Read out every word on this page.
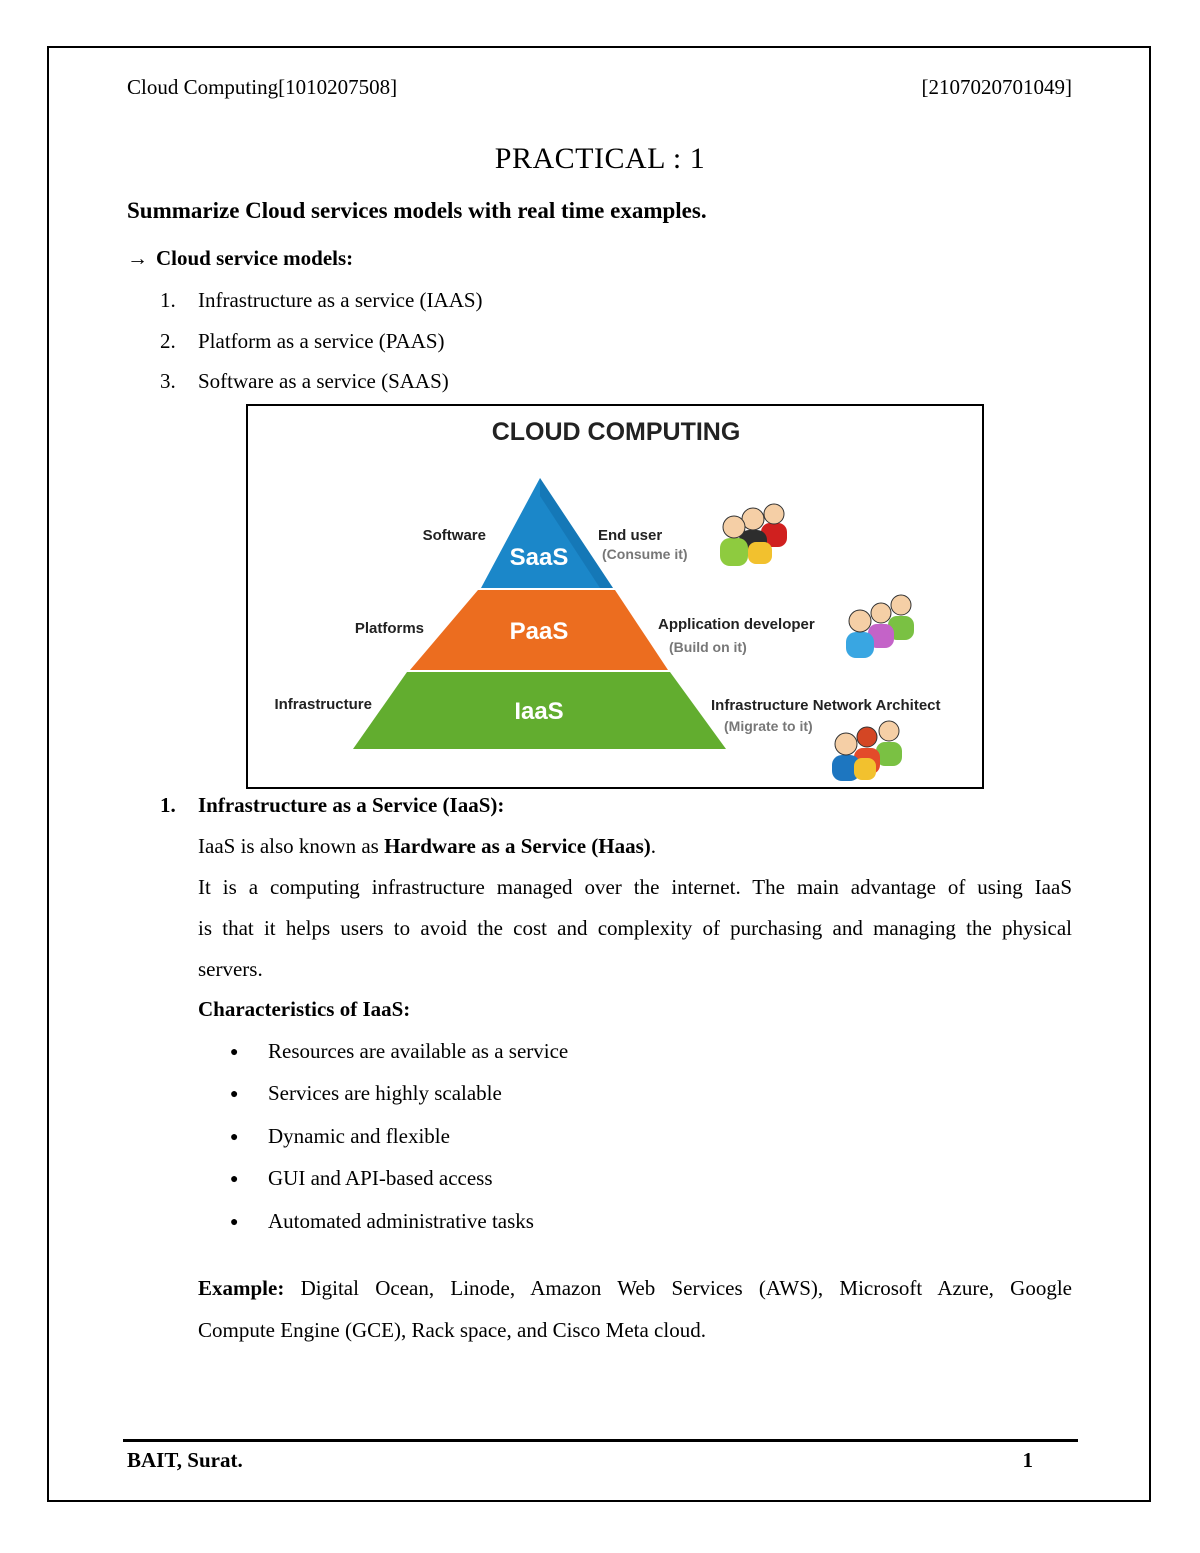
Cloud Computing[1010207508]	[2107020701049]
PRACTICAL : 1
Summarize Cloud services models with real time examples.
→ Cloud service models:
1. Infrastructure as a service (IAAS)
2. Platform as a service (PAAS)
3. Software as a service (SAAS)
CLOUD COMPUTING
SaaS
PaaS
IaaS
Software
Platforms
Infrastructure
End user
(Consume it)
Application developer
(Build on it)
Infrastructure Network Architect
(Migrate to it)
1. Infrastructure as a Service (IaaS):
IaaS is also known as Hardware as a Service (Haas).
It is a computing infrastructure managed over the internet. The main advantage of using IaaS
is that it helps users to avoid the cost and complexity of purchasing and managing the physical
servers.
Characteristics of IaaS:
● Resources are available as a service
● Services are highly scalable
● Dynamic and flexible
● GUI and API-based access
● Automated administrative tasks
Example: Digital Ocean, Linode, Amazon Web Services (AWS), Microsoft Azure, Google
Compute Engine (GCE), Rack space, and Cisco Meta cloud.
BAIT, Surat.	1
